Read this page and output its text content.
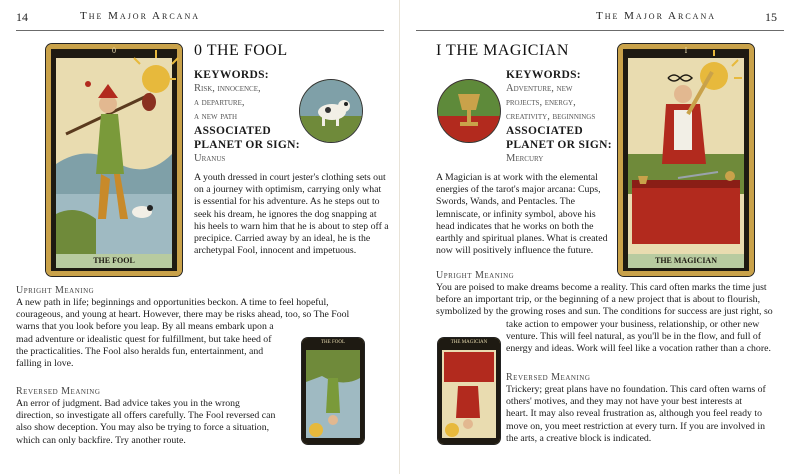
14	The Major Arcana
0
THE FOOL
0 THE FOOL
KEYWORDS:
Risk, innocence,
a departure,
a new path
ASSOCIATED
PLANET OR SIGN:
Uranus
A youth dressed in court jester's clothing sets out on a journey with optimism, carrying only what is essential for his adventure. As he steps out to seek his dream, he ignores the dog snapping at his heels to warn him that he is about to step off a precipice. Carried away by an ideal, he is the archetypal Fool, innocent and impetuous.
Upright Meaning
A new path in life; beginnings and opportunities beckon. A time to feel hopeful,
courageous, and young at heart. However, there may be risks ahead, too, so The Fool
warns that you look before you leap. By all means embark upon a
mad adventure or idealistic quest for fulfillment, but take heed of
the practicalities. The Fool also heralds fun, entertainment, and
falling in love.
Reversed Meaning
An error of judgment. Bad advice takes you in the wrong
direction, so investigate all offers carefully. The Fool reversed can
also show deception. You may also be trying to force a situation,
which can only backfire. Try another route.
THE FOOL
The Major Arcana	15
I THE MAGICIAN
KEYWORDS:
Adventure, new
projects, energy,
creativity, beginnings
ASSOCIATED
PLANET OR SIGN:
Mercury
I
THE MAGICIAN
A Magician is at work with the elemental energies of the tarot's major arcana: Cups, Swords, Wands, and Pentacles. The lemniscate, or infinity symbol, above his head indicates that he works on both the earthly and spiritual planes. What is created now will positively influence the future.
Upright Meaning
You are poised to make dreams become a reality. This card often marks the time just
before an important trip, or the beginning of a new project that is about to flourish,
symbolized by the growing roses and sun. The conditions for success are just right, so
take action to empower your business, relationship, or other new
venture. This will feel natural, as you'll be in the flow, and full of
energy and ideas. Work will feel like a vocation rather than a chore.
THE MAGICIAN
Reversed Meaning
Trickery; great plans have no foundation. This card often warns of
others' motives, and they may not have your best interests at
heart. It may also reveal frustration as, although you feel ready to
move on, you meet restriction at every turn. If you are involved in
the arts, a creative block is indicated.
